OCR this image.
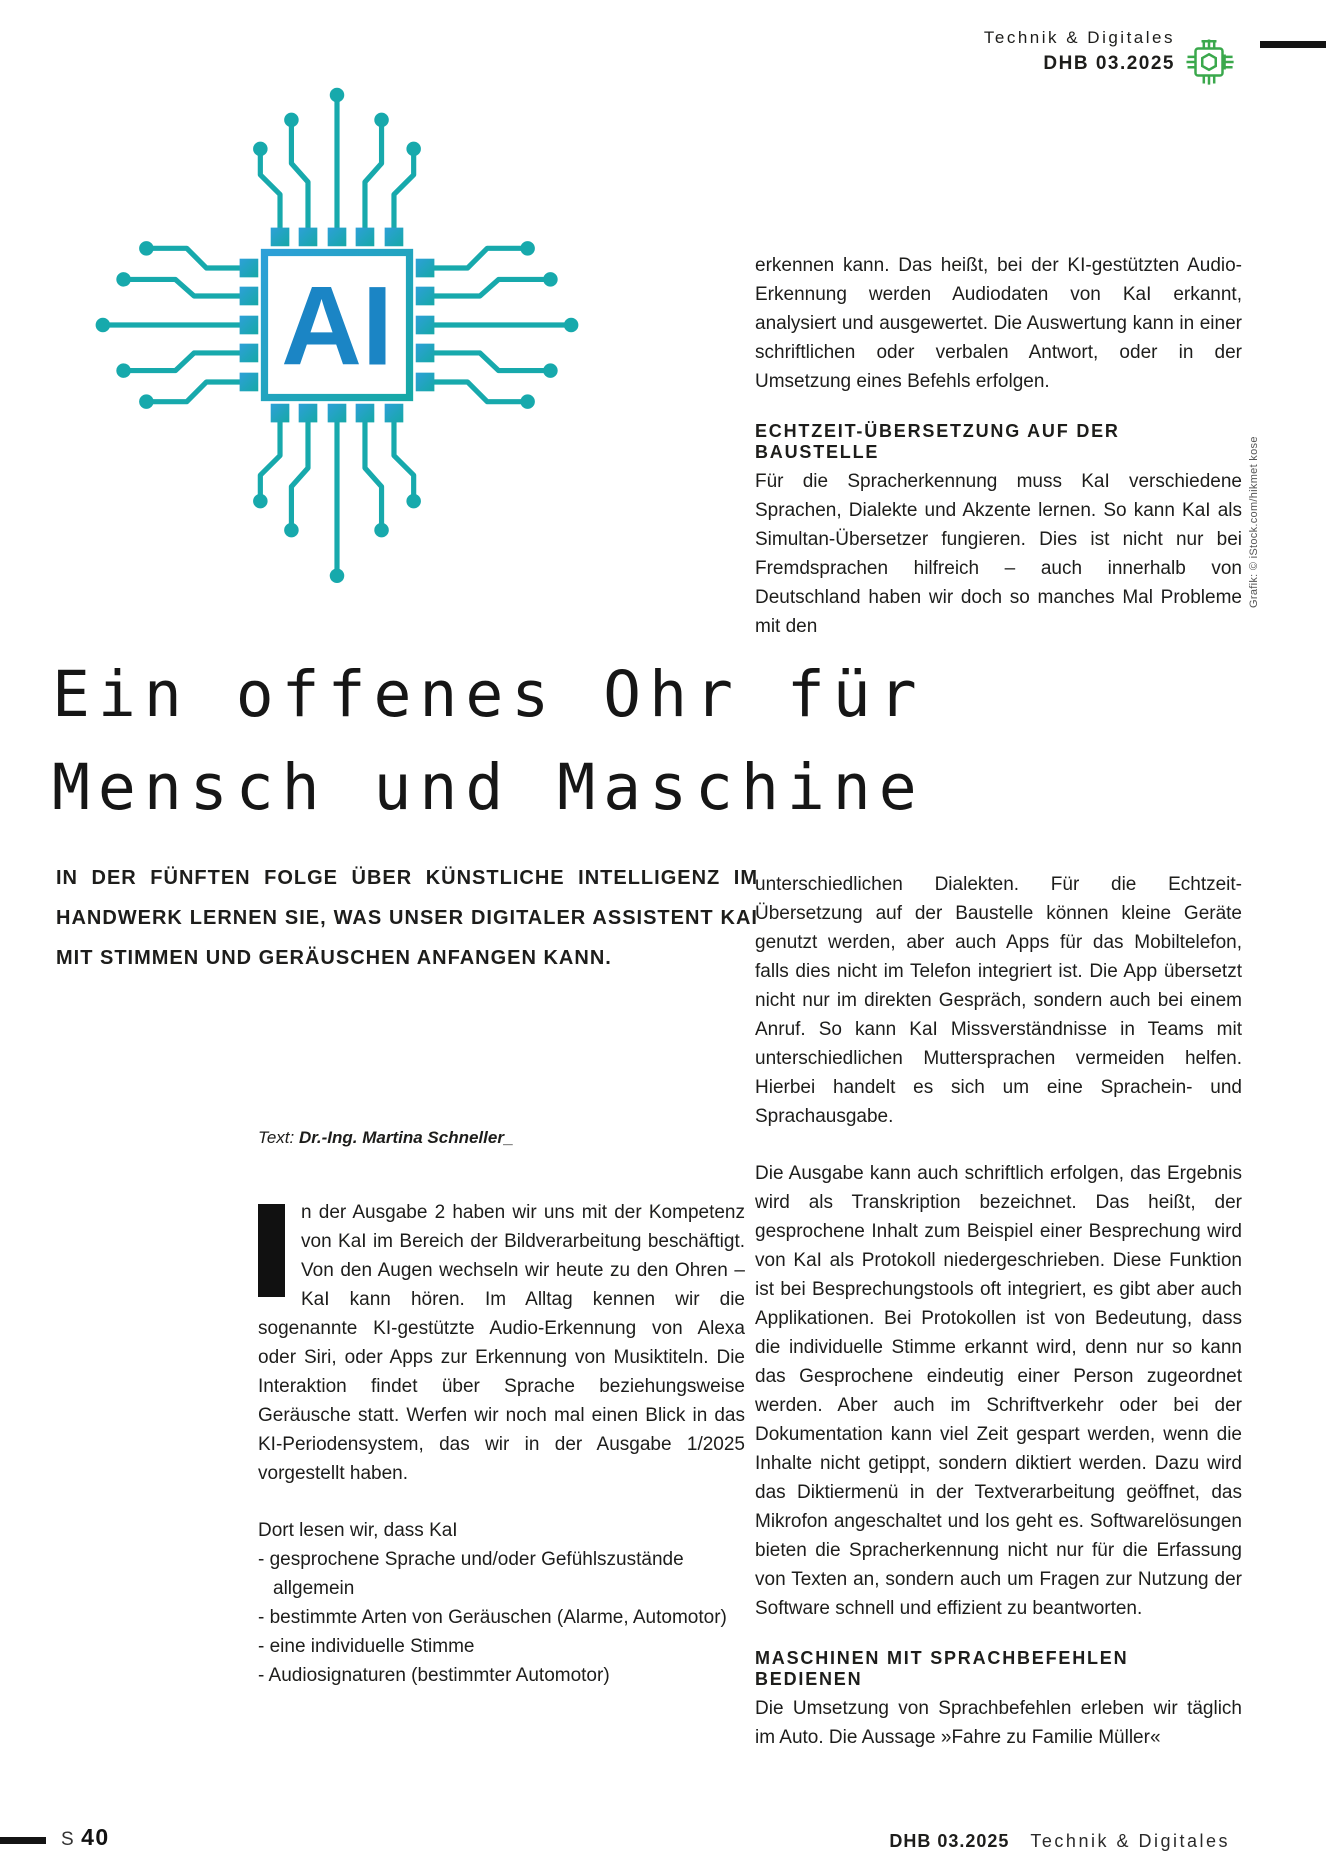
Technik & Digitales
DHB 03.2025
AI	erkennen kann. Das heißt, bei der KI-gestützten Audio-Erkennung werden Audiodaten von KaI erkannt, analysiert und ausgewertet. Die Auswertung kann in einer schriftlichen oder verbalen Antwort, oder in der Umsetzung eines Befehls erfolgen.

ECHTZEIT-ÜBERSETZUNG AUF DER BAUSTELLE

Für die Spracherkennung muss KaI verschiedene Sprachen, Dialekte und Akzente lernen. So kann KaI als Simultan-Übersetzer fungieren. Dies ist nicht nur bei Fremdsprachen hilfreich – auch innerhalb von Deutschland haben wir doch so manches Mal Probleme mit den

Grafik: © iStock.com/hikmet kose
Ein offenes Ohr für
Mensch und Maschine
IN DER FÜNFTEN FOLGE ÜBER KÜNSTLICHE INTELLIGENZ IM HANDWERK LERNEN SIE, WAS UNSER DIGITALER ASSISTENT KAI MIT STIMMEN UND GERÄUSCHEN ANFANGEN KANN.
Text: Dr.-Ing. Martina Schneller_

n der Ausgabe 2 haben wir uns mit der Kompetenz von KaI im Bereich der Bildverarbeitung beschäftigt. Von den Augen wechseln wir heute zu den Ohren – KaI kann hören. Im Alltag kennen wir die sogenannte KI-gestützte Audio-Erkennung von Alexa oder Siri, oder Apps zur Erkennung von Musiktiteln. Die Interaktion findet über Sprache beziehungsweise Geräusche statt. Werfen wir noch mal einen Blick in das KI-Periodensystem, das wir in der Ausgabe 1/2025 vorgestellt haben.

Dort lesen wir, dass KaI

- gesprochene Sprache und/oder Gefühlszustände allgemein
- bestimmte Arten von Geräuschen (Alarme, Automotor)
- eine individuelle Stimme
- Audiosignaturen (bestimmter Automotor)

unterschiedlichen Dialekten. Für die Echtzeit-Übersetzung auf der Baustelle können kleine Geräte genutzt werden, aber auch Apps für das Mobiltelefon, falls dies nicht im Telefon integriert ist. Die App übersetzt nicht nur im direkten Gespräch, sondern auch bei einem Anruf. So kann KaI Missverständnisse in Teams mit unterschiedlichen Muttersprachen vermeiden helfen. Hierbei handelt es sich um eine Sprachein- und Sprachausgabe.

Die Ausgabe kann auch schriftlich erfolgen, das Ergebnis wird als Transkription bezeichnet. Das heißt, der gesprochene Inhalt zum Beispiel einer Besprechung wird von KaI als Protokoll niedergeschrieben. Diese Funktion ist bei Besprechungstools oft integriert, es gibt aber auch Applikationen. Bei Protokollen ist von Bedeutung, dass die individuelle Stimme erkannt wird, denn nur so kann das Gesprochene eindeutig einer Person zugeordnet werden. Aber auch im Schriftverkehr oder bei der Dokumentation kann viel Zeit gespart werden, wenn die Inhalte nicht getippt, sondern diktiert werden. Dazu wird das Diktiermenü in der Textverarbeitung geöffnet, das Mikrofon angeschaltet und los geht es. Softwarelösungen bieten die Spracherkennung nicht nur für die Erfassung von Texten an, sondern auch um Fragen zur Nutzung der Software schnell und effizient zu beantworten.

MASCHINEN MIT SPRACHBEFEHLEN BEDIENEN

Die Umsetzung von Sprachbefehlen erleben wir täglich im Auto. Die Aussage »Fahre zu Familie Müller«

S 40	DHB 03.2025 Technik & Digitales
